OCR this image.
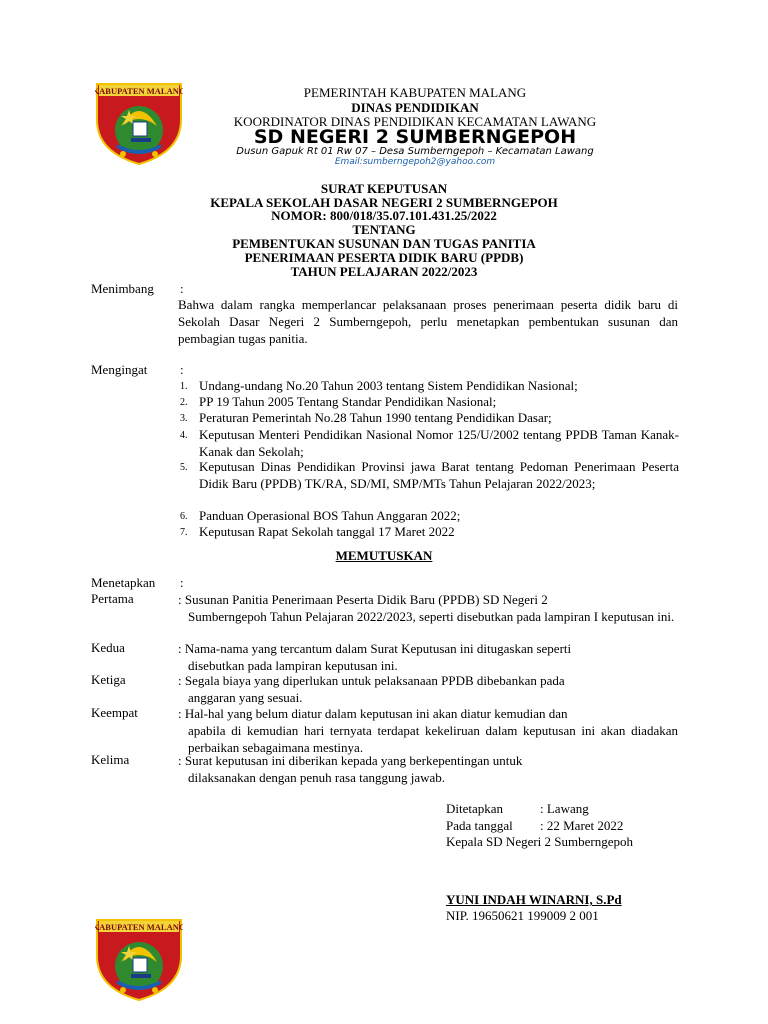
KABUPATEN MALANG	PEMERINTAH KABUPATEN MALANG
DINAS PENDIDIKAN
KOORDINATOR DINAS PENDIDIKAN KECAMATAN LAWANG
SD NEGERI 2 SUMBERNGEPOH
Dusun Gapuk Rt 01 Rw 07 – Desa Sumberngepoh – Kecamatan Lawang
Email:sumberngepoh2@yahoo.com
SURAT KEPUTUSAN
KEPALA SEKOLAH DASAR NEGERI 2 SUMBERNGEPOH
NOMOR: 800/018/35.07.101.431.25/2022
TENTANG
PEMBENTUKAN SUSUNAN DAN TUGAS PANITIA
PENERIMAAN PESERTA DIDIK BARU (PPDB)
TAHUN PELAJARAN 2022/2023
Menimbang :
Bahwa dalam rangka memperlancar pelaksanaan proses penerimaan peserta didik baru di Sekolah Dasar Negeri 2 Sumberngepoh, perlu menetapkan pembentukan susunan dan pembagian tugas panitia.
Mengingat	:
1. Undang-undang No.20 Tahun 2003 tentang Sistem Pendidikan Nasional;
2. PP 19 Tahun 2005 Tentang Standar Pendidikan Nasional;
3. Peraturan Pemerintah No.28 Tahun 1990 tentang Pendidikan Dasar;
4. Keputusan Menteri Pendidikan Nasional Nomor 125/U/2002 tentang PPDB Taman Kanak-Kanak dan Sekolah;
5. Keputusan Dinas Pendidikan Provinsi jawa Barat tentang Pedoman Penerimaan Peserta Didik Baru (PPDB) TK/RA, SD/MI, SMP/MTs Tahun Pelajaran 2022/2023;
6. Panduan Operasional BOS Tahun Anggaran 2022;
7. Keputusan Rapat Sekolah tanggal 17 Maret 2022
MEMUTUSKAN
Menetapkan :
Pertama	: Susunan Panitia Penerimaan Peserta Didik Baru (PPDB) SD Negeri 2
Sumberngepoh Tahun Pelajaran 2022/2023, seperti disebutkan pada lampiran I keputusan ini.
Kedua	: Nama-nama yang tercantum dalam Surat Keputusan ini ditugaskan seperti
disebutkan pada lampiran keputusan ini.
Ketiga	: Segala biaya yang diperlukan untuk pelaksanaan PPDB dibebankan pada
anggaran yang sesuai.
Keempat	: Hal-hal yang belum diatur dalam keputusan ini akan diatur kemudian dan
apabila di kemudian hari ternyata terdapat kekeliruan dalam keputusan ini akan diadakan perbaikan sebagaimana mestinya.
Kelima	: Surat keputusan ini diberikan kepada yang berkepentingan untuk
dilaksanakan dengan penuh rasa tanggung jawab.
Ditetapkan	: Lawang
Pada tanggal : 22 Maret 2022
Kepala SD Negeri 2 Sumberngepoh
YUNI INDAH WINARNI, S.Pd
NIP. 19650621 199009 2 001
KABUPATEN MALANG
